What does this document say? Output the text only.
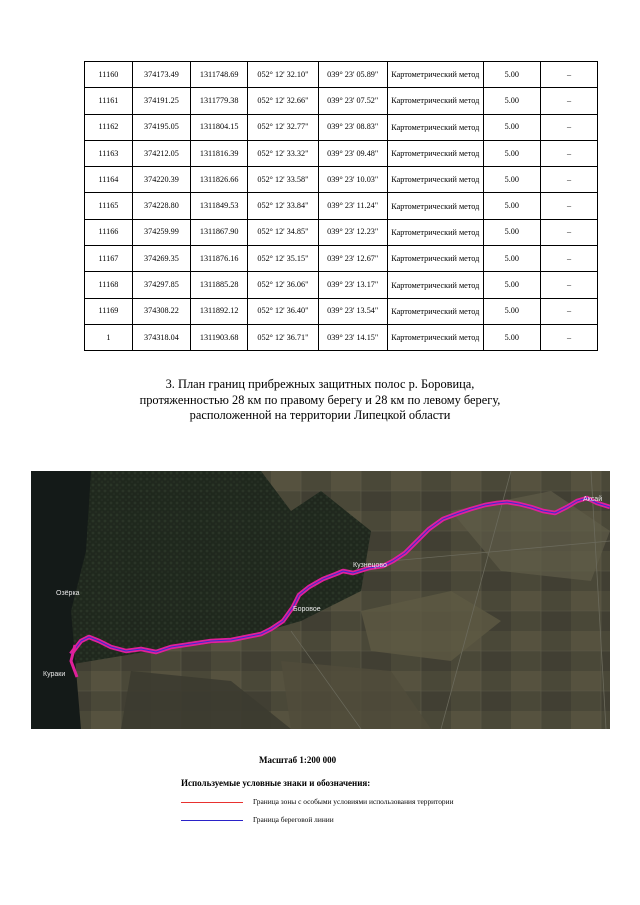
11160	374173.49	1311748.69	052° 12' 32.10"	039° 23' 05.89"	Картометрический метод	5.00	–
11161	374191.25	1311779.38	052° 12' 32.66"	039° 23' 07.52"	Картометрический метод	5.00	–
11162	374195.05	1311804.15	052° 12' 32.77"	039° 23' 08.83"	Картометрический метод	5.00	–
11163	374212.05	1311816.39	052° 12' 33.32"	039° 23' 09.48"	Картометрический метод	5.00	–
11164	374220.39	1311826.66	052° 12' 33.58"	039° 23' 10.03"	Картометрический метод	5.00	–
11165	374228.80	1311849.53	052° 12' 33.84"	039° 23' 11.24"	Картометрический метод	5.00	–
11166	374259.99	1311867.90	052° 12' 34.85"	039° 23' 12.23"	Картометрический метод	5.00	–
11167	374269.35	1311876.16	052° 12' 35.15"	039° 23' 12.67"	Картометрический метод	5.00	–
11168	374297.85	1311885.28	052° 12' 36.06"	039° 23' 13.17"	Картометрический метод	5.00	–
11169	374308.22	1311892.12	052° 12' 36.40"	039° 23' 13.54"	Картометрический метод	5.00	–
1	374318.04	1311903.68	052° 12' 36.71"	039° 23' 14.15"	Картометрический метод	5.00	–
3. План границ прибрежных защитных полос р. Боровица,
протяженностью 28 км по правому берегу и 28 км по левому берегу,
расположенной на территории Липецкой области
Озёрка
Кураки
Боровое
Кузнецово
Аксай
Масштаб 1:200 000
Используемые условные знаки и обозначения:
Граница зоны с особыми условиями использования территории
Граница береговой линии
